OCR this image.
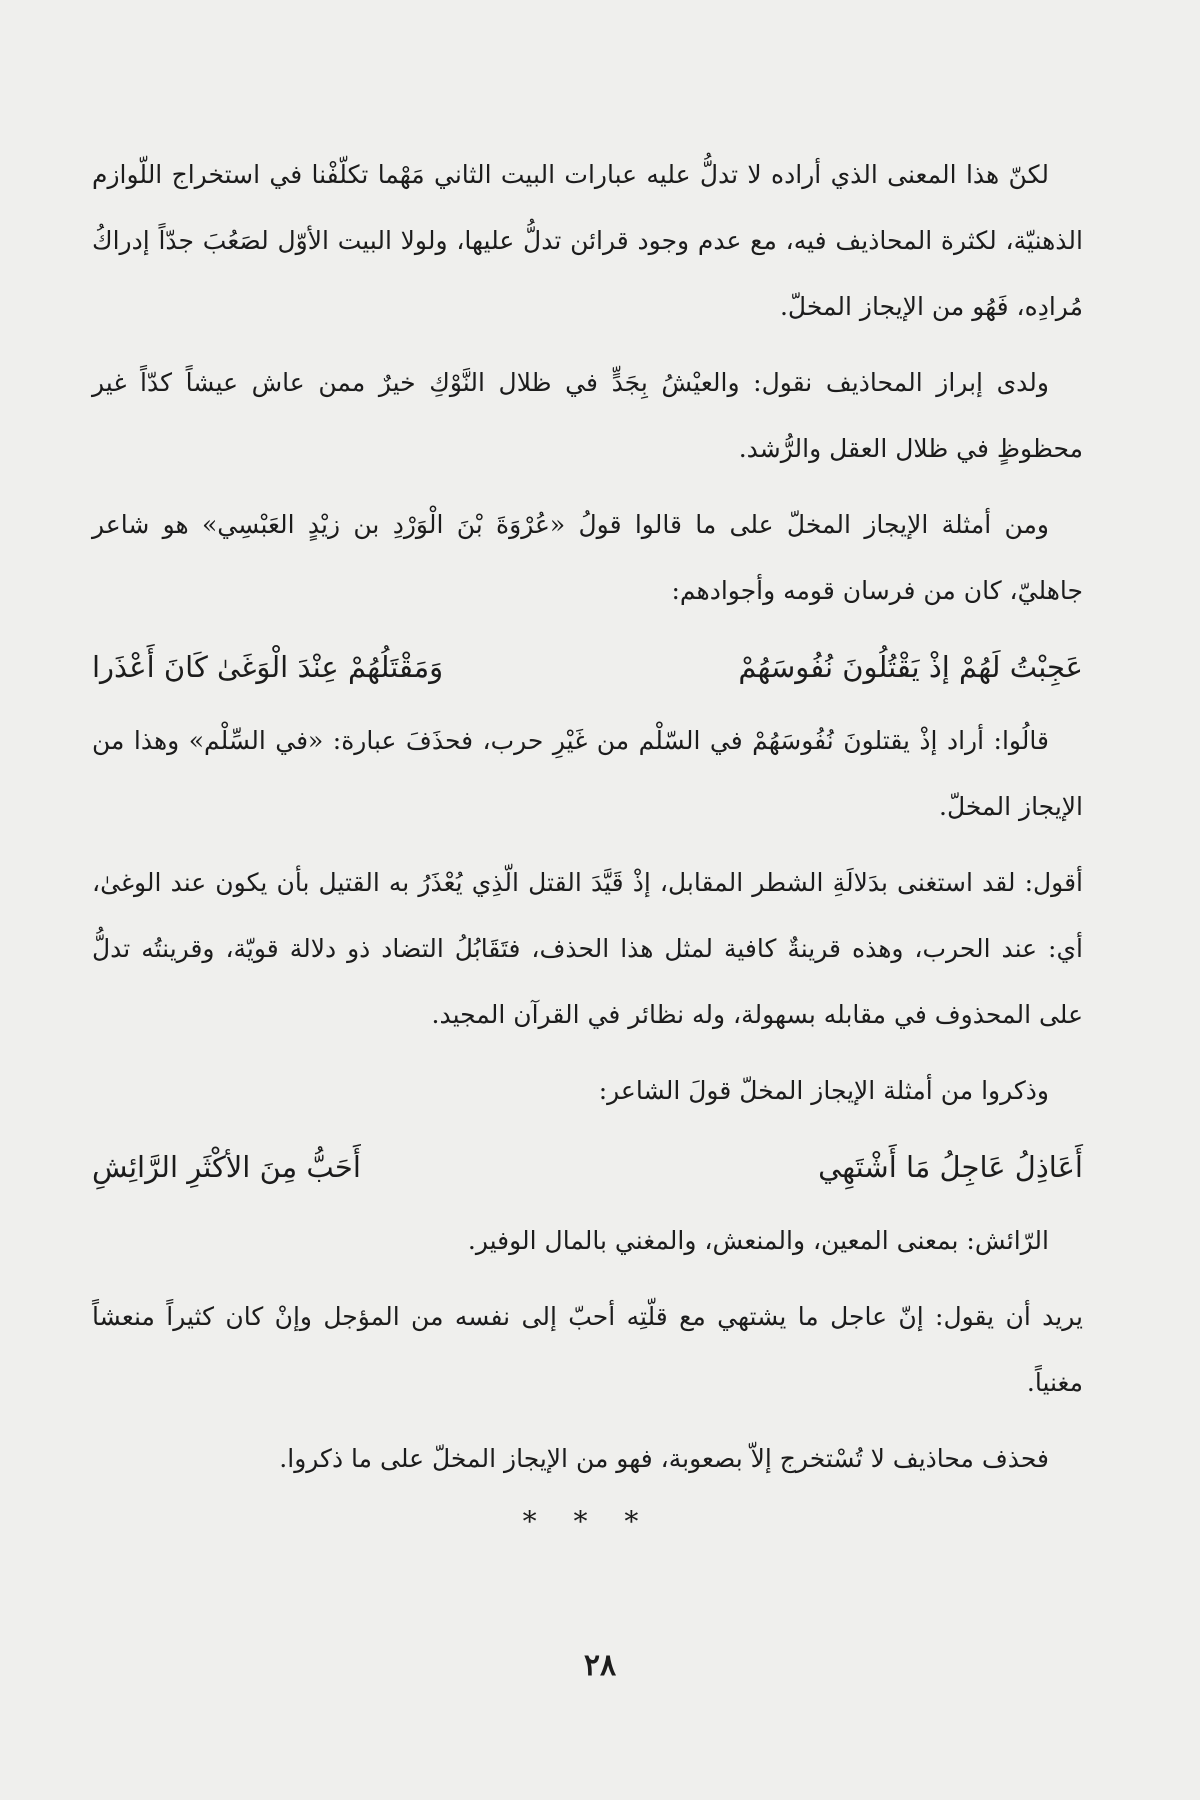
لكنّ هذا المعنى الذي أراده لا تدلُّ عليه عبارات البيت الثاني مَهْما تكلّفْنا في استخراج اللّوازم الذهنيّة، لكثرة المحاذيف فيه، مع عدم وجود قرائن تدلُّ عليها، ولولا البيت الأوّل لصَعُبَ جدّاً إدراكُ مُرادِه، فَهُو من الإيجاز المخلّ.

ولدى إبراز المحاذيف نقول: والعيْشُ بِجَدٍّ في ظلال النَّوْكِ خيرٌ ممن عاش عيشاً كدّاً غير محظوظٍ في ظلال العقل والرُّشد.

ومن أمثلة الإيجاز المخلّ على ما قالوا قولُ «عُرْوَةَ بْنَ الْوَرْدِ بن زيْدٍ العَبْسِي» هو شاعر جاهليّ، كان من فرسان قومه وأجوادهم:

عَجِبْتُ لَهُمْ إذْ يَقْتُلُونَ نُفُوسَهُمْ
وَمَقْتَلُهُمْ عِنْدَ الْوَغَىٰ كَانَ أَعْذَرا

قالُوا: أراد إذْ يقتلونَ نُفُوسَهُمْ في السّلْم من غَيْرِ حرب، فحذَفَ عبارة: «في السِّلْم» وهذا من الإيجاز المخلّ.

أقول: لقد استغنى بدَلالَةِ الشطر المقابل، إذْ قَيَّدَ القتل الّذِي يُعْذَرُ به القتيل بأن يكون عند الوغىٰ، أي: عند الحرب، وهذه قرينةٌ كافية لمثل هذا الحذف، فتَقَابُلُ التضاد ذو دلالة قويّة، وقرينتُه تدلُّ على المحذوف في مقابله بسهولة، وله نظائر في القرآن المجيد.

وذكروا من أمثلة الإيجاز المخلّ قولَ الشاعر:

أَعَاذِلُ عَاجِلُ مَا أَشْتَهِي
أَحَبُّ مِنَ الأكْثَرِ الرَّائِشِ

الرّائش: بمعنى المعين، والمنعش، والمغني بالمال الوفير.

يريد أن يقول: إنّ عاجل ما يشتهي مع قلّتِه أحبّ إلى نفسه من المؤجل وإنْ كان كثيراً منعشاً مغنياً.

فحذف محاذيف لا تُسْتخرج إلاّ بصعوبة، فهو من الإيجاز المخلّ على ما ذكروا.

* * *
٢٨
